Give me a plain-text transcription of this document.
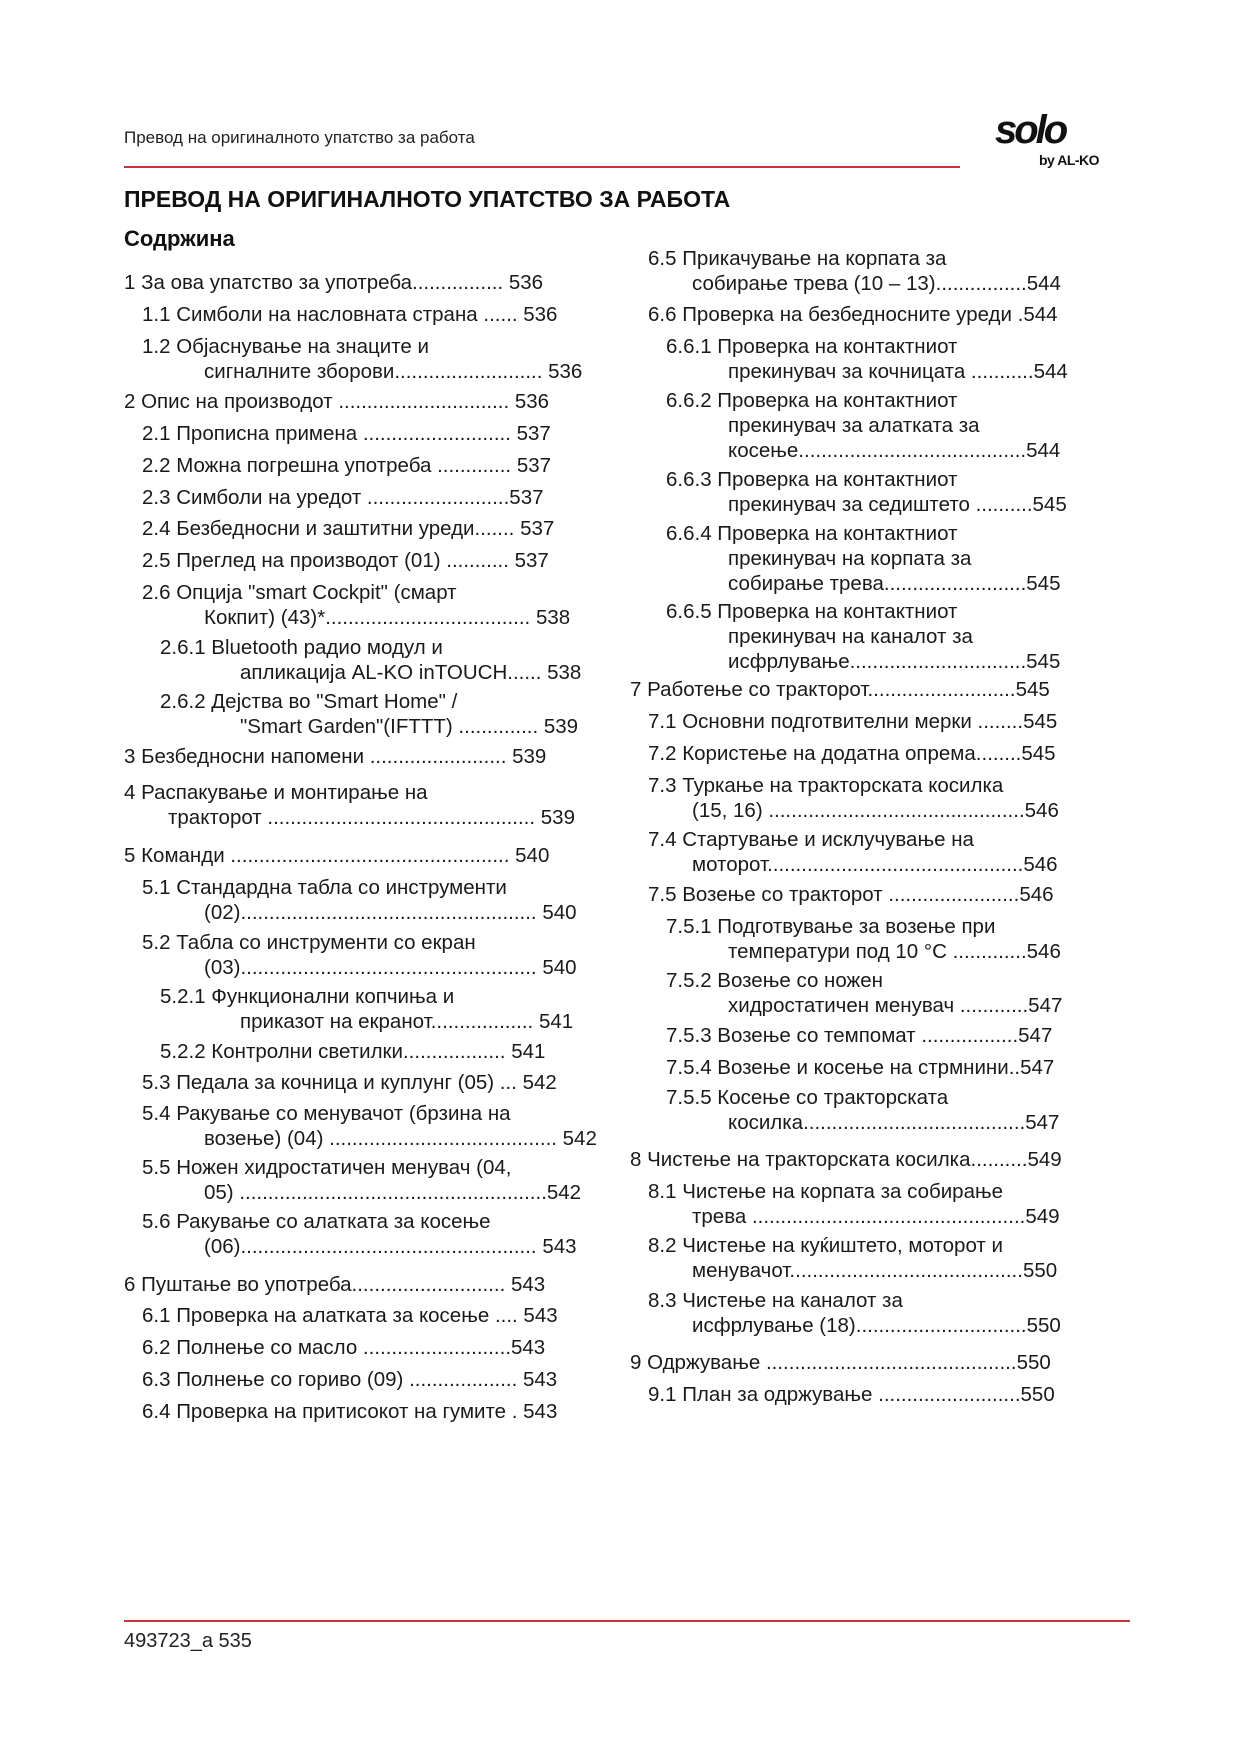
Превод на оригиналното упатство за работа	solo
by AL-KO
ПРЕВОД НА ОРИГИНАЛНОТО УПАТСТВО ЗА РАБОТА
Содржина
1 За ова упатство за употреба................ 536
1.1 Симболи на насловната страна ...... 536
1.2 Објаснување на знаците и
сигналните зборови.......................... 536
2 Опис на производот .............................. 536
2.1 Прописна примена .......................... 537
2.2 Можна погрешна употреба ............. 537
2.3 Симболи на уредот .........................537
2.4 Безбедносни и заштитни уреди....... 537
2.5 Преглед на производот (01) ........... 537
2.6 Опција "smart Cockpit" (смарт
Кокпит) (43)*.................................... 538
2.6.1 Bluetooth радио модул и
апликација AL-KO inTOUCH...... 538
2.6.2 Дејства во "Smart Home" /
"Smart Garden"(IFTTT) .............. 539
3 Безбедносни напомени ........................ 539
4 Распакување и монтирање на
тракторот ............................................... 539
5 Команди ................................................. 540
5.1 Стандардна табла со инструменти
(02).................................................... 540
5.2 Табла со инструменти со екран
(03).................................................... 540
5.2.1 Функционални копчиња и
приказот на екранот.................. 541
5.2.2 Контролни светилки.................. 541
5.3 Педала за кочница и куплунг (05) ... 542
5.4 Ракување со менувачот (брзина на
возење) (04) ........................................ 542
5.5 Ножен хидростатичен менувач (04,
05) ......................................................542
5.6 Ракување со алатката за косење
(06).................................................... 543
6 Пуштање во употреба........................... 543
6.1 Проверка на алатката за косење .... 543
6.2 Полнење со масло ..........................543
6.3 Полнење со гориво (09) ................... 543
6.4 Проверка на притисокот на гумите . 543
6.5 Прикачување на корпата за
собирање трева (10 – 13)................544
6.6 Проверка на безбедносните уреди .544
6.6.1 Проверка на контактниот
прекинувач за кочницата ...........544
6.6.2 Проверка на контактниот
прекинувач за алатката за
косење........................................544
6.6.3 Проверка на контактниот
прекинувач за седиштето ..........545
6.6.4 Проверка на контактниот
прекинувач на корпата за
собирање трева.........................545
6.6.5 Проверка на контактниот
прекинувач на каналот за
исфрлување...............................545
7 Работење со тракторот..........................545
7.1 Основни подготвителни мерки ........545
7.2 Користење на додатна опрема........545
7.3 Туркање на тракторската косилка
(15, 16) .............................................546
7.4 Стартување и исклучување на
моторот.............................................546
7.5 Возење со тракторот .......................546
7.5.1 Подготвување за возење при
температури под 10 °C .............546
7.5.2 Возење со ножен
хидростатичен менувач ............547
7.5.3 Возење со темпомат .................547
7.5.4 Возење и косење на стрмнини..547
7.5.5 Косење со тракторската
косилка.......................................547
8 Чистење на тракторската косилка..........549
8.1 Чистење на корпата за собирање
трева ................................................549
8.2 Чистење на куќиштето, моторот и
менувачот.........................................550
8.3 Чистење на каналот за
исфрлување (18)..............................550
9 Одржување ............................................550
9.1 План за одржување .........................550
493723_a 535
